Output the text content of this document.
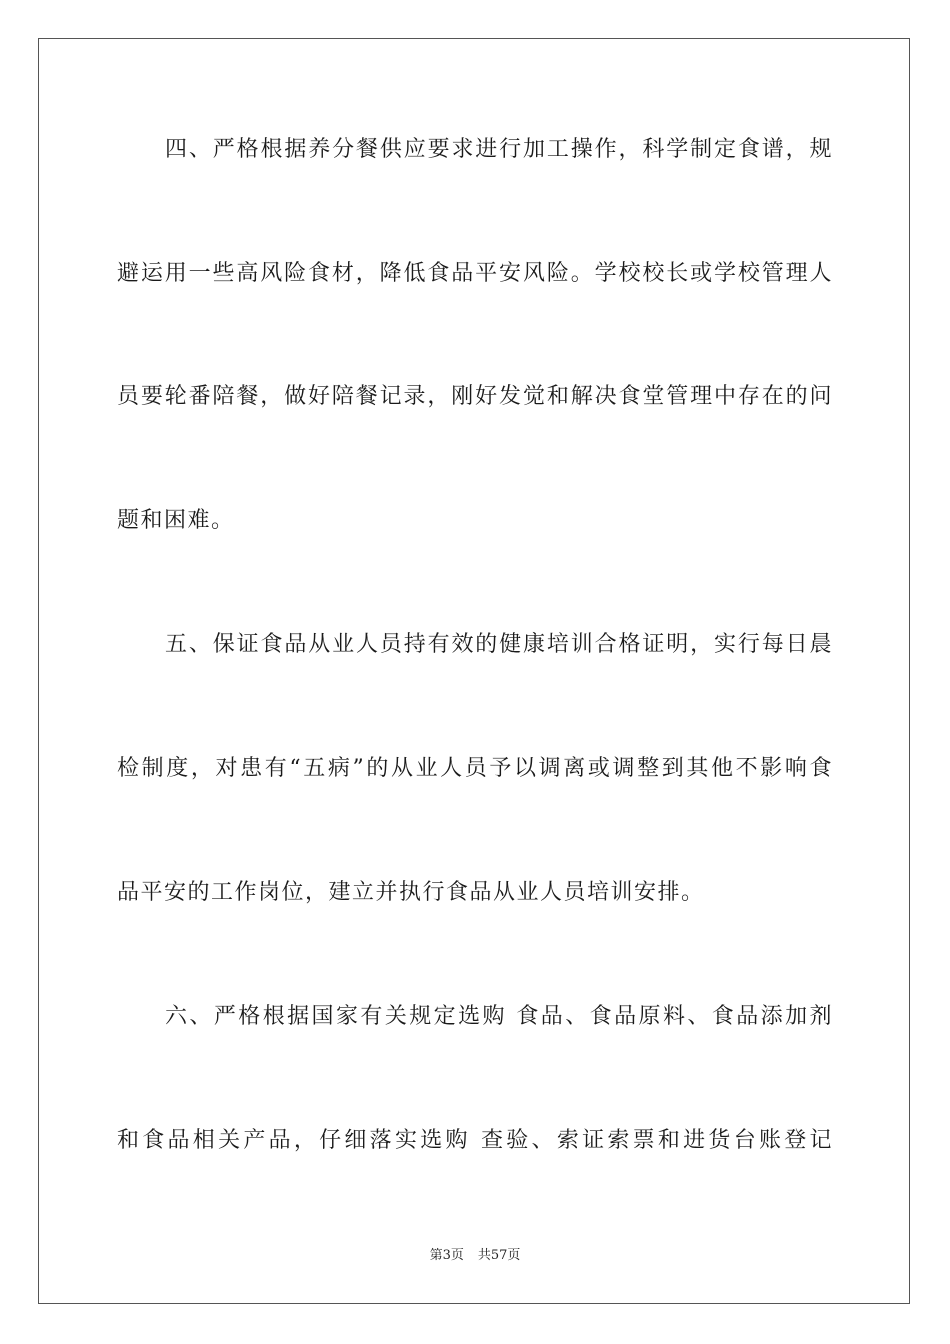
四、严格根据养分餐供应要求进行加工操作，科学制定食谱，规
避运用一些高风险食材，降低食品平安风险。学校校长或学校管理人
员要轮番陪餐，做好陪餐记录，刚好发觉和解决食堂管理中存在的问
题和困难。
五、保证食品从业人员持有效的健康培训合格证明，实行每日晨
检制度，对患有“五病”的从业人员予以调离或调整到其他不影响食
品平安的工作岗位，建立并执行食品从业人员培训安排。
六、严格根据国家有关规定选购 食品、食品原料、食品添加剂
和食品相关产品，仔细落实选购 查验、索证索票和进货台账登记
第3页 共57页
